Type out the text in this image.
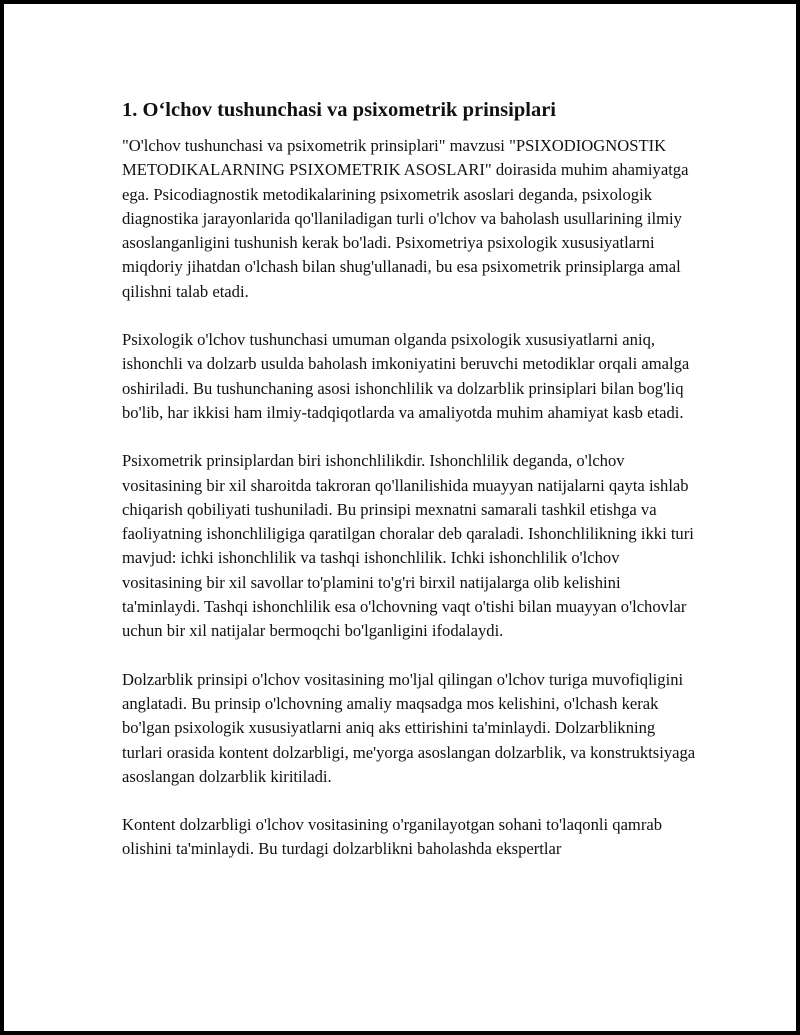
1. O‘lchov tushunchasi va psixometrik prinsiplari

"O'lchov tushunchasi va psixometrik prinsiplari" mavzusi "PSIXODIOGNOSTIK METODIKALARNING PSIXOMETRIK ASOSLARI" doirasida muhim ahamiyatga ega. Psicodiagnostik metodikalarining psixometrik asoslari deganda, psixologik diagnostika jarayonlarida qo'llaniladigan turli o'lchov va baholash usullarining ilmiy asoslanganligini tushunish kerak bo'ladi. Psixometriya psixologik xususiyatlarni miqdoriy jihatdan o'lchash bilan shug'ullanadi, bu esa psixometrik prinsiplarga amal qilishni talab etadi.

Psixologik o'lchov tushunchasi umuman olganda psixologik xususiyatlarni aniq, ishonchli va dolzarb usulda baholash imkoniyatini beruvchi metodiklar orqali amalga oshiriladi. Bu tushunchaning asosi ishonchlilik va dolzarblik prinsiplari bilan bog'liq bo'lib, har ikkisi ham ilmiy-tadqiqotlarda va amaliyotda muhim ahamiyat kasb etadi.

Psixometrik prinsiplardan biri ishonchlilikdir. Ishonchlilik deganda, o'lchov vositasining bir xil sharoitda takroran qo'llanilishida muayyan natijalarni qayta ishlab chiqarish qobiliyati tushuniladi. Bu prinsipi mexnatni samarali tashkil etishga va faoliyatning ishonchliligiga qaratilgan choralar deb qaraladi. Ishonchlilikning ikki turi mavjud: ichki ishonchlilik va tashqi ishonchlilik. Ichki ishonchlilik o'lchov vositasining bir xil savollar to'plamini to'g'ri birxil natijalarga olib kelishini ta'minlaydi. Tashqi ishonchlilik esa o'lchovning vaqt o'tishi bilan muayyan o'lchovlar uchun bir xil natijalar bermoqchi bo'lganligini ifodalaydi.

Dolzarblik prinsipi o'lchov vositasining mo'ljal qilingan o'lchov turiga muvofiqligini anglatadi. Bu prinsip o'lchovning amaliy maqsadga mos kelishini, o'lchash kerak bo'lgan psixologik xususiyatlarni aniq aks ettirishini ta'minlaydi. Dolzarblikning turlari orasida kontent dolzarbligi, me'yorga asoslangan dolzarblik, va konstruktsiyaga asoslangan dolzarblik kiritiladi.

Kontent dolzarbligi o'lchov vositasining o'rganilayotgan sohani to'laqonli qamrab olishini ta'minlaydi. Bu turdagi dolzarblikni baholashda ekspertlar
